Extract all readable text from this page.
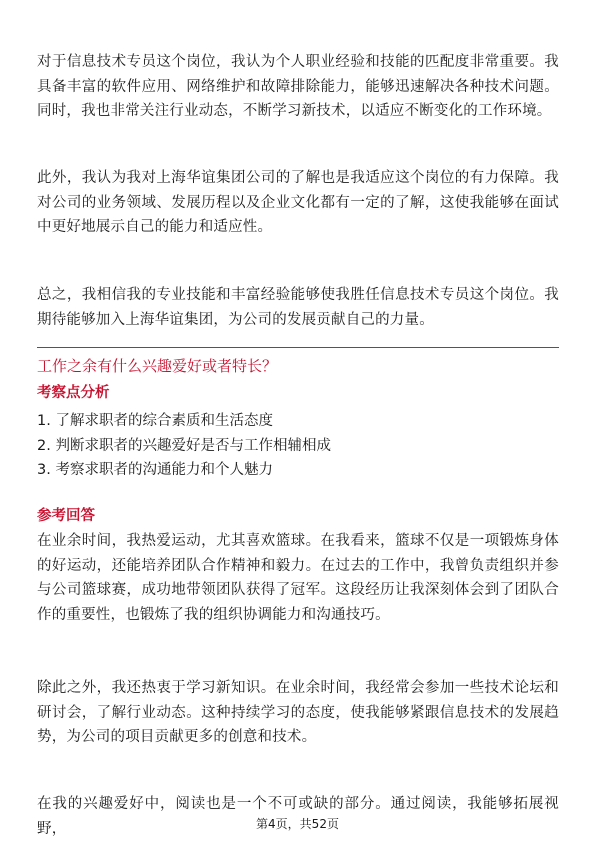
对于信息技术专员这个岗位，我认为个人职业经验和技能的匹配度非常重要。我具备丰富的软件应用、网络维护和故障排除能力，能够迅速解决各种技术问题。同时，我也非常关注行业动态，不断学习新技术，以适应不断变化的工作环境。

此外，我认为我对上海华谊集团公司的了解也是我适应这个岗位的有力保障。我对公司的业务领域、发展历程以及企业文化都有一定的了解，这使我能够在面试中更好地展示自己的能力和适应性。

总之，我相信我的专业技能和丰富经验能够使我胜任信息技术专员这个岗位。我期待能够加入上海华谊集团，为公司的发展贡献自己的力量。

工作之余有什么兴趣爱好或者特长？

考察点分析

1. 了解求职者的综合素质和生活态度
2. 判断求职者的兴趣爱好是否与工作相辅相成
3. 考察求职者的沟通能力和个人魅力

参考回答

在业余时间，我热爱运动，尤其喜欢篮球。在我看来，篮球不仅是一项锻炼身体的好运动，还能培养团队合作精神和毅力。在过去的工作中，我曾负责组织并参与公司篮球赛，成功地带领团队获得了冠军。这段经历让我深刻体会到了团队合作的重要性，也锻炼了我的组织协调能力和沟通技巧。

除此之外，我还热衷于学习新知识。在业余时间，我经常会参加一些技术论坛和研讨会，了解行业动态。这种持续学习的态度，使我能够紧跟信息技术的发展趋势，为公司的项目贡献更多的创意和技术。

在我的兴趣爱好中，阅读也是一个不可或缺的部分。通过阅读，我能够拓展视野，	第4页，共52页
